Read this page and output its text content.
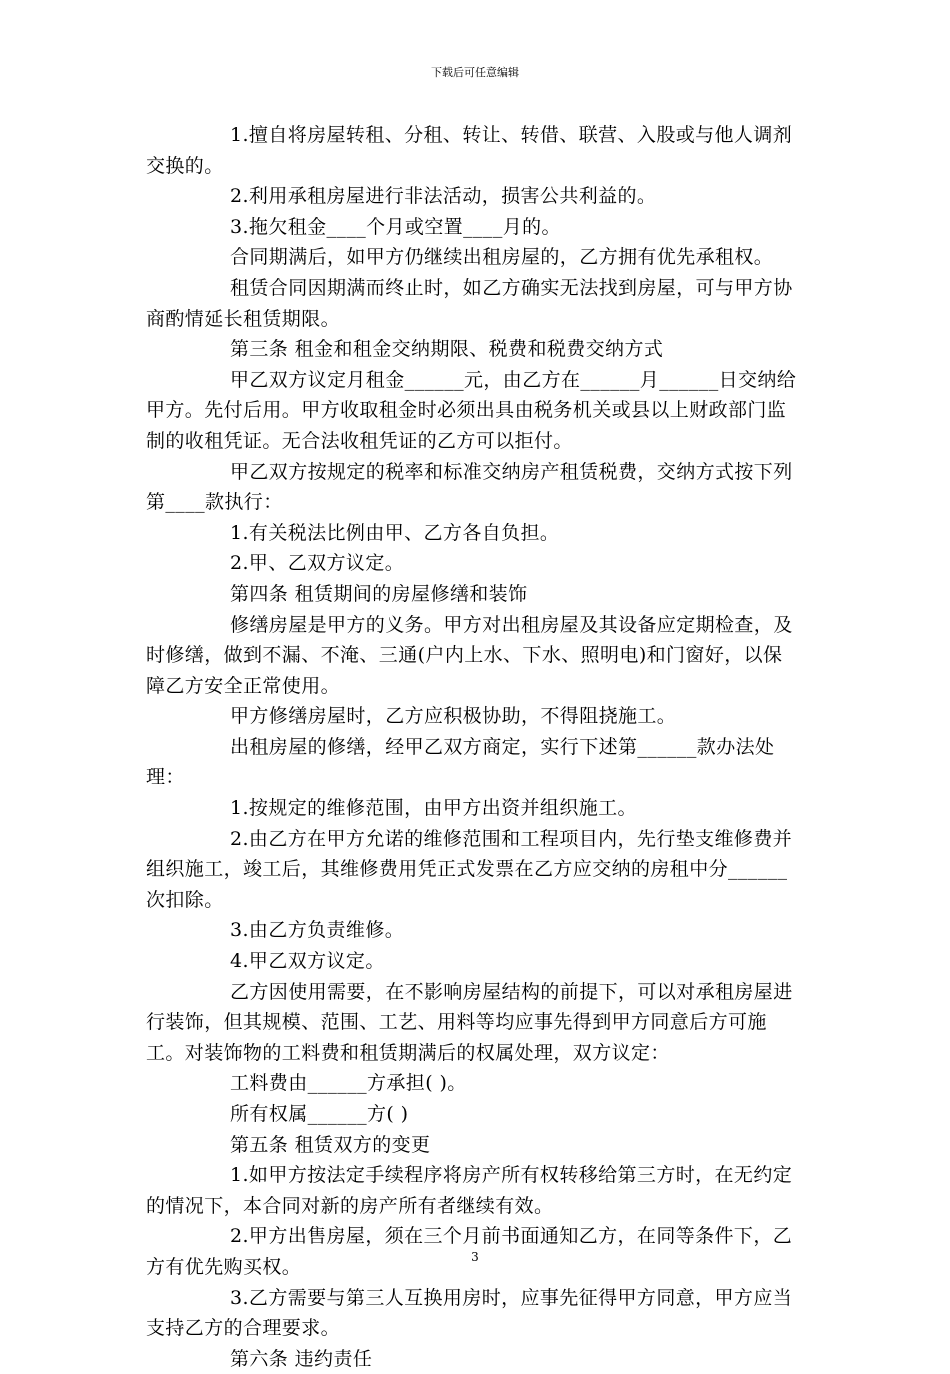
下载后可任意编辑

1.擅自将房屋转租、分租、转让、转借、联营、入股或与他人调剂交换的。

2.利用承租房屋进行非法活动，损害公共利益的。

3.拖欠租金____个月或空置____月的。

合同期满后，如甲方仍继续出租房屋的，乙方拥有优先承租权。

租赁合同因期满而终止时，如乙方确实无法找到房屋，可与甲方协商酌情延长租赁期限。

第三条 租金和租金交纳期限、税费和税费交纳方式

甲乙双方议定月租金______元，由乙方在______月______日交纳给甲方。先付后用。甲方收取租金时必须出具由税务机关或县以上财政部门监制的收租凭证。无合法收租凭证的乙方可以拒付。

甲乙双方按规定的税率和标准交纳房产租赁税费，交纳方式按下列第____款执行：

1.有关税法比例由甲、乙方各自负担。

2.甲、乙双方议定。

第四条 租赁期间的房屋修缮和装饰

修缮房屋是甲方的义务。甲方对出租房屋及其设备应定期检查，及时修缮，做到不漏、不淹、三通(户内上水、下水、照明电)和门窗好，以保障乙方安全正常使用。

甲方修缮房屋时，乙方应积极协助，不得阻挠施工。

出租房屋的修缮，经甲乙双方商定，实行下述第______款办法处理：

1.按规定的维修范围，由甲方出资并组织施工。

2.由乙方在甲方允诺的维修范围和工程项目内，先行垫支维修费并组织施工，竣工后，其维修费用凭正式发票在乙方应交纳的房租中分______次扣除。

3.由乙方负责维修。

4.甲乙双方议定。

乙方因使用需要，在不影响房屋结构的前提下，可以对承租房屋进行装饰，但其规模、范围、工艺、用料等均应事先得到甲方同意后方可施工。对装饰物的工料费和租赁期满后的权属处理，双方议定：

工料费由______方承担( )。

所有权属______方( )

第五条 租赁双方的变更

1.如甲方按法定手续程序将房产所有权转移给第三方时，在无约定的情况下，本合同对新的房产所有者继续有效。

2.甲方出售房屋，须在三个月前书面通知乙方，在同等条件下，乙方有优先购买权。

3.乙方需要与第三人互换用房时，应事先征得甲方同意，甲方应当支持乙方的合理要求。

第六条 违约责任

3
